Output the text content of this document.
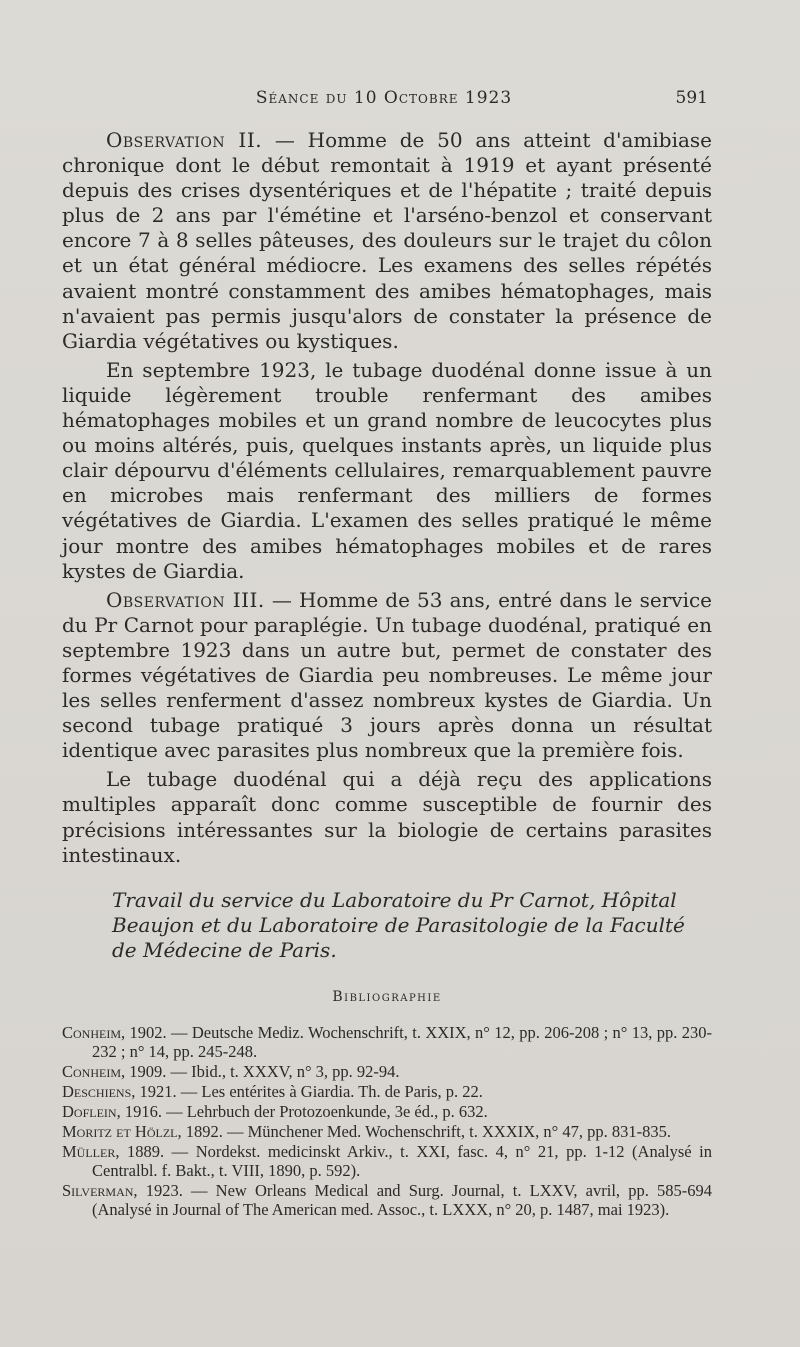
Séance du 10 Octobre 1923	591

Observation II. — Homme de 50 ans atteint d'amibiase chronique dont le début remontait à 1919 et ayant présenté depuis des crises dysentériques et de l'hépatite ; traité depuis plus de 2 ans par l'émétine et l'arséno-benzol et conservant encore 7 à 8 selles pâteuses, des douleurs sur le trajet du côlon et un état général médiocre. Les examens des selles répétés avaient montré constamment des amibes hématophages, mais n'avaient pas permis jusqu'alors de constater la présence de Giardia végétatives ou kystiques.

En septembre 1923, le tubage duodénal donne issue à un liquide légèrement trouble renfermant des amibes hématophages mobiles et un grand nombre de leucocytes plus ou moins altérés, puis, quelques instants après, un liquide plus clair dépourvu d'éléments cellulaires, remarquablement pauvre en microbes mais renfermant des milliers de formes végétatives de Giardia. L'examen des selles pratiqué le même jour montre des amibes hématophages mobiles et de rares kystes de Giardia.

Observation III. — Homme de 53 ans, entré dans le service du Pr Carnot pour paraplégie. Un tubage duodénal, pratiqué en septembre 1923 dans un autre but, permet de constater des formes végétatives de Giardia peu nombreuses. Le même jour les selles renferment d'assez nombreux kystes de Giardia. Un second tubage pratiqué 3 jours après donna un résultat identique avec parasites plus nombreux que la première fois.

Le tubage duodénal qui a déjà reçu des applications multiples apparaît donc comme susceptible de fournir des précisions intéressantes sur la biologie de certains parasites intestinaux.

Travail du service du Laboratoire du Pr Carnot, Hôpital Beaujon et du Laboratoire de Parasitologie de la Faculté de Médecine de Paris.

Bibliographie
Conheim, 1902. — Deutsche Mediz. Wochenschrift, t. XXIX, n° 12, pp. 206-208 ; n° 13, pp. 230-232 ; n° 14, pp. 245-248.
Conheim, 1909. — Ibid., t. XXXV, n° 3, pp. 92-94.
Deschiens, 1921. — Les entérites à Giardia. Th. de Paris, p. 22.
Doflein, 1916. — Lehrbuch der Protozoenkunde, 3e éd., p. 632.
Moritz et Hölzl, 1892. — Münchener Med. Wochenschrift, t. XXXIX, n° 47, pp. 831-835.
Müller, 1889. — Nordekst. medicinskt Arkiv., t. XXI, fasc. 4, n° 21, pp. 1-12 (Analysé in Centralbl. f. Bakt., t. VIII, 1890, p. 592).
Silverman, 1923. — New Orleans Medical and Surg. Journal, t. LXXV, avril, pp. 585-694 (Analysé in Journal of The American med. Assoc., t. LXXX, n° 20, p. 1487, mai 1923).
